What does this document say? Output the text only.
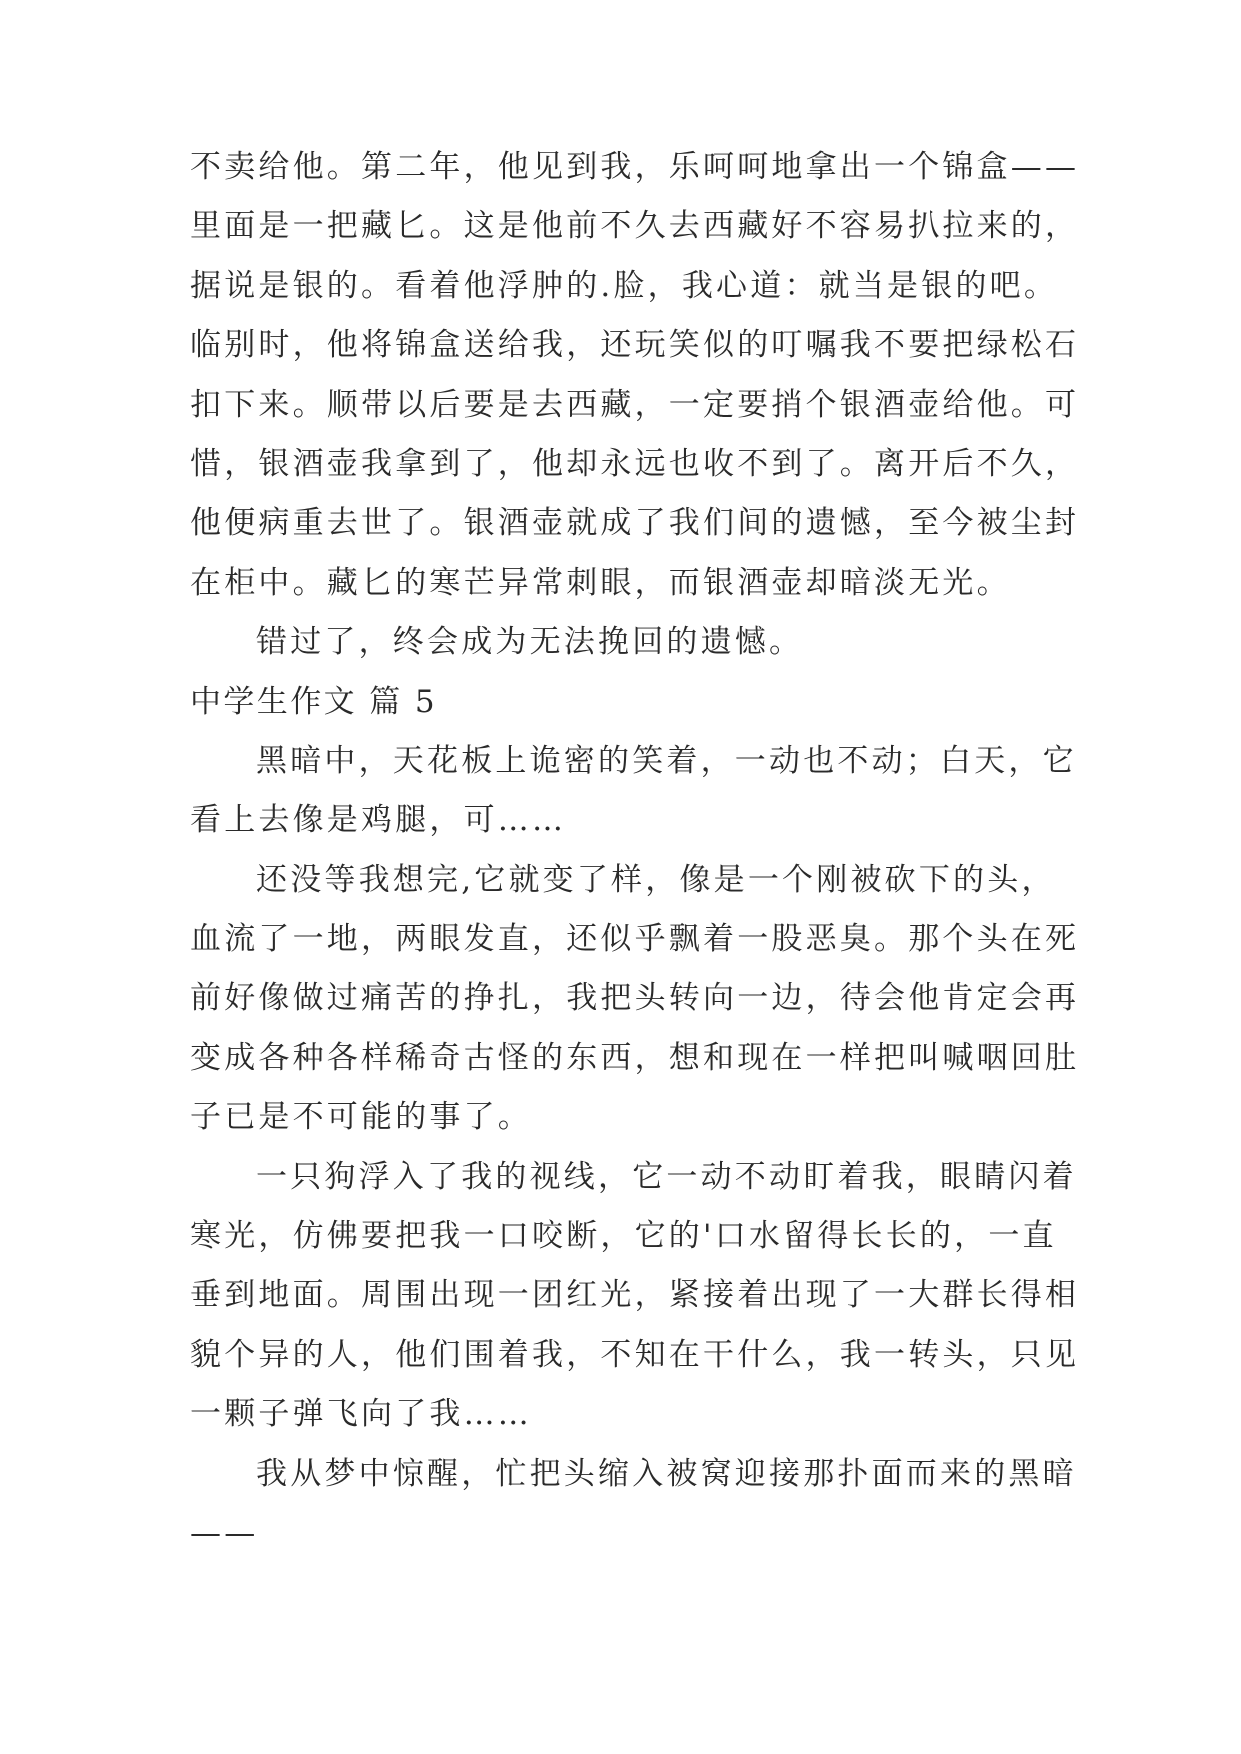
不卖给他。第二年，他见到我，乐呵呵地拿出一个锦盒——
里面是一把藏匕。这是他前不久去西藏好不容易扒拉来的，
据说是银的。看着他浮肿的.脸，我心道：就当是银的吧。
临别时，他将锦盒送给我，还玩笑似的叮嘱我不要把绿松石
扣下来。顺带以后要是去西藏，一定要捎个银酒壶给他。可
惜，银酒壶我拿到了，他却永远也收不到了。离开后不久，
他便病重去世了。银酒壶就成了我们间的遗憾，至今被尘封
在柜中。藏匕的寒芒异常刺眼，而银酒壶却暗淡无光。
错过了，终会成为无法挽回的遗憾。
中学生作文 篇 5
黑暗中，天花板上诡密的笑着，一动也不动；白天，它
看上去像是鸡腿，可……
还没等我想完,它就变了样，像是一个刚被砍下的头，
血流了一地，两眼发直，还似乎飘着一股恶臭。那个头在死
前好像做过痛苦的挣扎，我把头转向一边，待会他肯定会再
变成各种各样稀奇古怪的东西，想和现在一样把叫喊咽回肚
子已是不可能的事了。
一只狗浮入了我的视线，它一动不动盯着我，眼睛闪着
寒光，仿佛要把我一口咬断，它的'口水留得长长的，一直
垂到地面。周围出现一团红光，紧接着出现了一大群长得相
貌个异的人，他们围着我，不知在干什么，我一转头，只见
一颗子弹飞向了我……
我从梦中惊醒，忙把头缩入被窝迎接那扑面而来的黑暗
——
